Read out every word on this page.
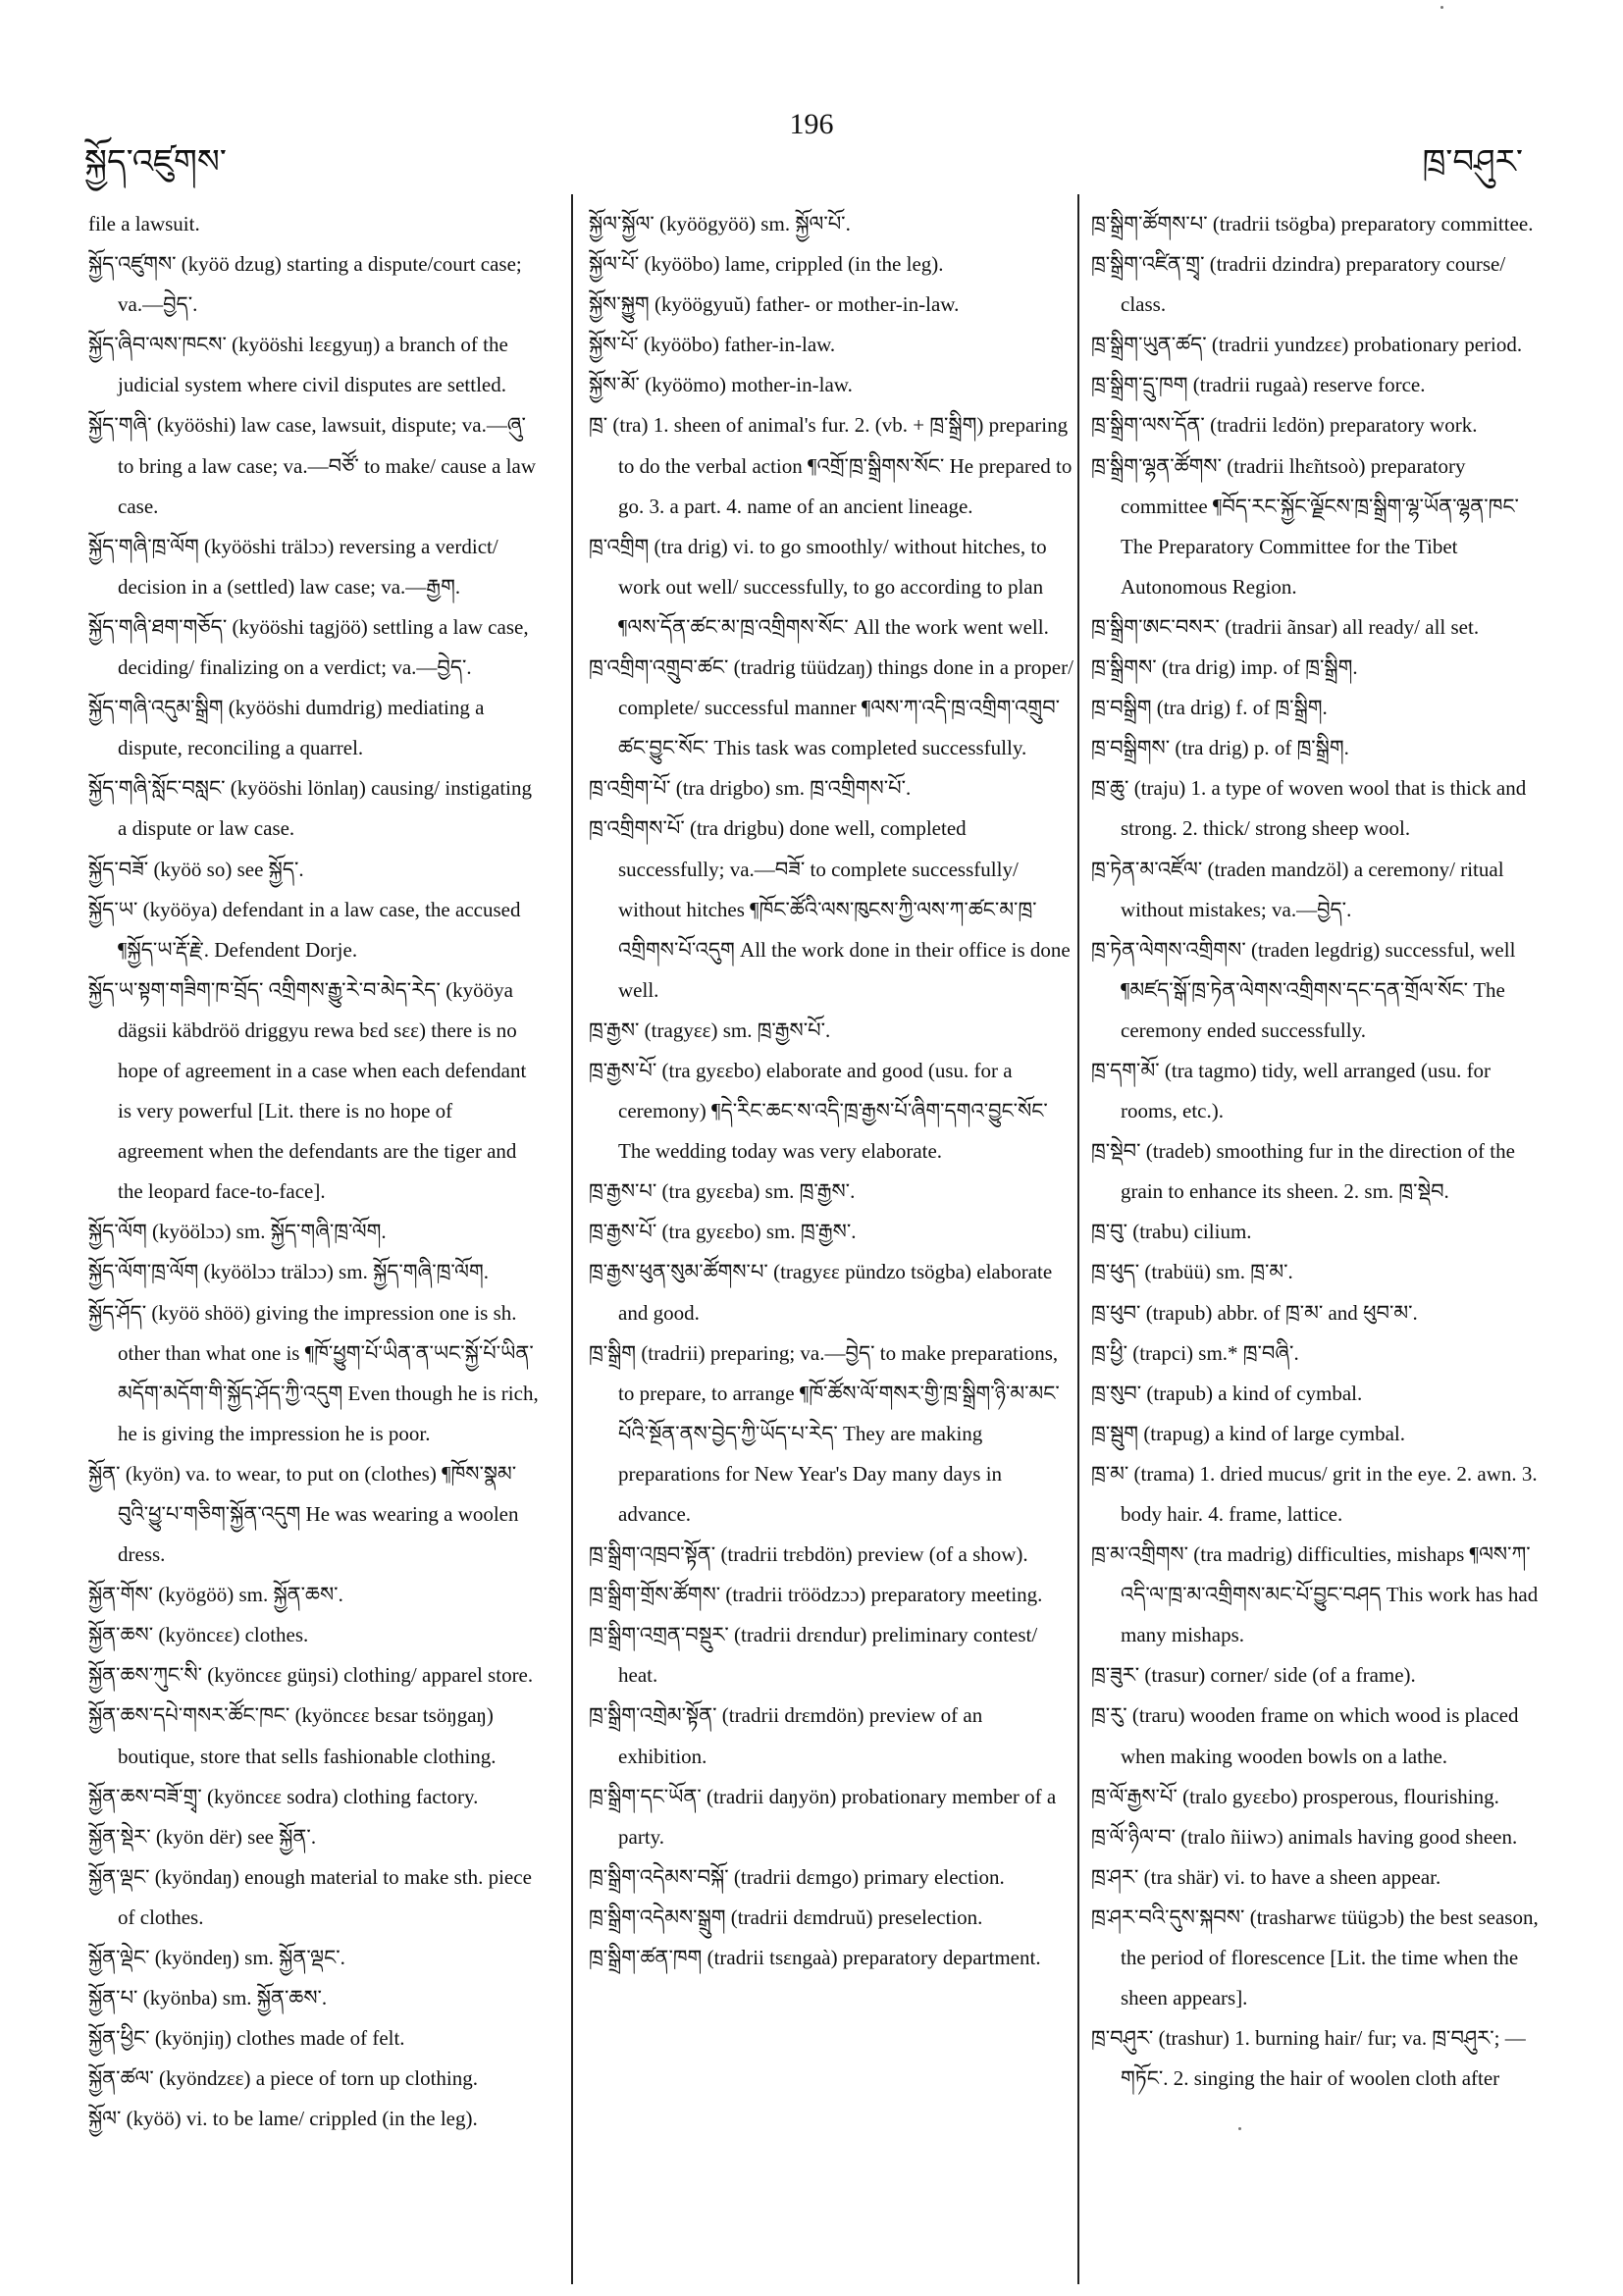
སྐྱོད་འཛུགས་
196
ཁྲ་བཤུར་

file a lawsuit.

སྐྱོད་འཛུགས་ (kyöö dzug) starting a dispute/court case; va.—བྱེད་.

སྐྱོད་ཞིབ་ལས་ཁངས་ (kyööshi lɛɛgyuŋ) a branch of the judicial system where civil disputes are settled.

སྐྱོད་གཞི་ (kyööshi) law case, lawsuit, dispute; va.—ཞུ་ to bring a law case; va.—བཙོ་ to make/ cause a law case.

སྐྱོད་གཞི་ཁྲ་ལོག (kyööshi trälɔɔ) reversing a verdict/ decision in a (settled) law case; va.—རྒྱག.

སྐྱོད་གཞི་ཐག་གཅོད་ (kyööshi tagjöö) settling a law case, deciding/ finalizing on a verdict; va.—བྱེད་.

སྐྱོད་གཞི་འདུམ་སྒྲིག (kyööshi dumdrig) mediating a dispute, reconciling a quarrel.

སྐྱོད་གཞི་སློང་བསླང་ (kyööshi lönlaŋ) causing/ instigating a dispute or law case.

སྐྱོད་བཟོ་ (kyöö so) see སྐྱོད་.

སྐྱོད་ཡ་ (kyööya) defendant in a law case, the accused ¶སྐྱོད་ཡ་རྡོ་རྗེ་. Defendent Dorje.

སྐྱོད་ཡ་སྟག་གཟིག་ཁ་བྲོད་ འགྲིགས་རྒྱུ་རེ་བ་མེད་རེད་ (kyööya dägsii käbdröö driggyu rewa bɛd sɛɛ) there is no hope of agreement in a case when each defendant is very powerful [Lit. there is no hope of agreement when the defendants are the tiger and the leopard face-to-face].

སྐྱོད་ལོག (kyöölɔɔ) sm. སྐྱོད་གཞི་ཁྲ་ལོག.

སྐྱོད་ལོག་ཁྲ་ལོག (kyöölɔɔ trälɔɔ) sm. སྐྱོད་གཞི་ཁྲ་ལོག.

སྐྱོད་ཤོད་ (kyöö shöö) giving the impression one is sh. other than what one is ¶ཁོ་ཕྱུག་པོ་ཡིན་ན་ཡང་སྐྱོ་པོ་ཡིན་མདོག་མདོག་གི་སྐྱོད་ཤོད་ཀྱི་འདུག Even though he is rich, he is giving the impression he is poor.

སྐྱོན་ (kyön) va. to wear, to put on (clothes) ¶ཁོས་སྣམ་བུའི་ཕྱུ་པ་གཅིག་སྐྱོན་འདུག He was wearing a woolen dress.

སྐྱོན་གོས་ (kyögöö) sm. སྐྱོན་ཆས་.

སྐྱོན་ཆས་ (kyöncɛɛ) clothes.

སྐྱོན་ཆས་ཀུང་སི་ (kyöncɛɛ güŋsi) clothing/ apparel store.

སྐྱོན་ཆས་དཔེ་གསར་ཚོང་ཁང་ (kyöncɛɛ bɛsar tsöŋgaŋ) boutique, store that sells fashionable clothing.

སྐྱོན་ཆས་བཟོ་གྲྭ་ (kyöncɛɛ sodra) clothing factory.

སྐྱོན་སྡེར་ (kyön dër) see སྐྱོན་.

སྐྱོན་ལྡང་ (kyöndaŋ) enough material to make sth. piece of clothes.

སྐྱོན་ལྡེང་ (kyöndeŋ) sm. སྐྱོན་ལྡང་.

སྐྱོན་པ་ (kyönba) sm. སྐྱོན་ཆས་.

སྐྱོན་ཕྱིང་ (kyönjiŋ) clothes made of felt.

སྐྱོན་ཚལ་ (kyöndzɛɛ) a piece of torn up clothing.

སྐྱོལ་ (kyöö) vi. to be lame/ crippled (in the leg).

སྐྱོལ་སྐྱོལ་ (kyöögyöö) sm. སྐྱོལ་པོ་.

སྐྱོལ་པོ་ (kyööbo) lame, crippled (in the leg).

སྐྱོས་སྐྱུག (kyöögyuŭ) father- or mother-in-law.

སྐྱོས་པོ་ (kyööbo) father-in-law.

སྐྱོས་མོ་ (kyöömo) mother-in-law.

ཁྲ་ (tra) 1. sheen of animal's fur. 2. (vb. + ཁྲ་སྒྲིག) preparing to do the verbal action ¶འགྲོ་ཁྲ་སྒྲིགས་སོང་ He prepared to go. 3. a part. 4. name of an ancient lineage.

ཁྲ་འགྲིག (tra drig) vi. to go smoothly/ without hitches, to work out well/ successfully, to go according to plan ¶ལས་དོན་ཚང་མ་ཁྲ་འགྲིགས་སོང་ All the work went well.

ཁྲ་འགྲིག་འགྲུབ་ཚང་ (tradrig tüüdzaŋ) things done in a proper/ complete/ successful manner ¶ལས་ཀ་འདི་ཁྲ་འགྲིག་འགྲུབ་ཚང་བྱུང་སོང་ This task was completed successfully.

ཁྲ་འགྲིག་པོ་ (tra drigbo) sm. ཁྲ་འགྲིགས་པོ་.

ཁྲ་འགྲིགས་པོ་ (tra drigbu) done well, completed successfully; va.—བཟོ་ to complete successfully/ without hitches ¶ཁོང་ཚོའི་ལས་ཁུངས་ཀྱི་ལས་ཀ་ཚང་མ་ཁྲ་འགྲིགས་པོ་འདུག All the work done in their office is done well.

ཁྲ་རྒྱས་ (tragyɛɛ) sm. ཁྲ་རྒྱས་པོ་.

ཁྲ་རྒྱས་པོ་ (tra gyɛɛbo) elaborate and good (usu. for a ceremony) ¶དེ་རིང་ཆང་ས་འདི་ཁྲ་རྒྱས་པོ་ཞིག་དགའ་བྱུང་སོང་ The wedding today was very elaborate.

ཁྲ་རྒྱས་པ་ (tra gyɛɛba) sm. ཁྲ་རྒྱས་.

ཁྲ་རྒྱས་པོ་ (tra gyɛɛbo) sm. ཁྲ་རྒྱས་.

ཁྲ་རྒྱས་ཕུན་སུམ་ཚོགས་པ་ (tragyɛɛ pündzo tsögba) elaborate and good.

ཁྲ་སྒྲིག (tradrii) preparing; va.—བྱེད་ to make preparations, to prepare, to arrange ¶ཁོ་ཚོས་ལོ་གསར་གྱི་ཁྲ་སྒྲིག་ཉི་མ་མང་པོའི་སྔོན་ནས་བྱེད་ཀྱི་ཡོད་པ་རེད་ They are making preparations for New Year's Day many days in advance.

ཁྲ་སྒྲིག་འཁྲབ་སྟོན་ (tradrii trɛbdön) preview (of a show).

ཁྲ་སྒྲིག་གྲོས་ཚོགས་ (tradrii tröödzɔɔ) preparatory meeting.

ཁྲ་སྒྲིག་འགྲན་བསྡུར་ (tradrii drɛndur) preliminary contest/ heat.

ཁྲ་སྒྲིག་འགྲེམ་སྟོན་ (tradrii drɛmdön) preview of an exhibition.

ཁྲ་སྒྲིག་དང་ཡོན་ (tradrii daŋyön) probationary member of a party.

ཁྲ་སྒྲིག་འདེམས་བསྐོ་ (tradrii dɛmgo) primary election.

ཁྲ་སྒྲིག་འདེམས་སྒྲུག (tradrii dɛmdruŭ) preselection.

ཁྲ་སྒྲིག་ཚན་ཁག (tradrii tsɛngaà) preparatory department.

ཁྲ་སྒྲིག་ཚོགས་པ་ (tradrii tsögba) preparatory committee.

ཁྲ་སྒྲིག་འཛིན་གྲྭ་ (tradrii dzindra) preparatory course/ class.

ཁྲ་སྒྲིག་ཡུན་ཚད་ (tradrii yundzɛɛ) probationary period.

ཁྲ་སྒྲིག་དྲུ་ཁག (tradrii rugaà) reserve force.

ཁྲ་སྒྲིག་ལས་དོན་ (tradrii lɛdön) preparatory work.

ཁྲ་སྒྲིག་ལྷན་ཚོགས་ (tradrii lhɛ̃ntsoò) preparatory committee ¶བོད་རང་སྐྱོང་ལྗོངས་ཁྲ་སྒྲིག་ལྷ་ཡོན་ལྷན་ཁང་ The Preparatory Committee for the Tibet Autonomous Region.

ཁྲ་སྒྲིག་ཨང་བསར་ (tradrii ãnsar) all ready/ all set.

ཁྲ་སྒྲིགས་ (tra drig) imp. of ཁྲ་སྒྲིག.

ཁྲ་བསྒྲིག (tra drig) f. of ཁྲ་སྒྲིག.

ཁྲ་བསྒྲིགས་ (tra drig) p. of ཁྲ་སྒྲིག.

ཁྲ་ཆུ་ (traju) 1. a type of woven wool that is thick and strong. 2. thick/ strong sheep wool.

ཁྲ་ཏེན་མ་འཛོལ་ (traden mandzöl) a ceremony/ ritual without mistakes; va.—བྱེད་.

ཁྲ་ཏེན་ལེགས་འགྲིགས་ (traden legdrig) successful, well ¶མཛད་སྒོ་ཁྲ་ཏེན་ལེགས་འགྲིགས་དང་དན་གྲོལ་སོང་ The ceremony ended successfully.

ཁྲ་དག་མོ་ (tra tagmo) tidy, well arranged (usu. for rooms, etc.).

ཁྲ་སྡེབ་ (tradeb) smoothing fur in the direction of the grain to enhance its sheen. 2. sm. ཁྲ་སྡེབ.

ཁྲ་བུ་ (trabu) cilium.

ཁྲ་ཕུད་ (trabüü) sm. ཁྲ་མ་.

ཁྲ་ཕུབ་ (trapub) abbr. of ཁྲ་མ་ and ཕུབ་མ་.

ཁྲ་ཕྱི་ (trapci) sm.* ཁྲ་བཞི་.

ཁྲ་སུབ་ (trapub) a kind of cymbal.

ཁྲ་སྦུག (trapug) a kind of large cymbal.

ཁྲ་མ་ (trama) 1. dried mucus/ grit in the eye. 2. awn. 3. body hair. 4. frame, lattice.

ཁྲ་མ་འགྲིགས་ (tra madrig) difficulties, mishaps ¶ལས་ཀ་འདི་ལ་ཁྲ་མ་འགྲིགས་མང་པོ་བྱུང་བཤད This work has had many mishaps.

ཁྲ་ཟུར་ (trasur) corner/ side (of a frame).

ཁྲ་རུ་ (traru) wooden frame on which wood is placed when making wooden bowls on a lathe.

ཁྲ་ལོ་རྒྱས་པོ་ (tralo gyɛɛbo) prosperous, flourishing.

ཁྲ་ལོ་ཉིལ་བ་ (tralo ñiiwɔ) animals having good sheen.

ཁྲ་ཤར་ (tra shär) vi. to have a sheen appear.

ཁྲ་ཤར་བའི་དུས་སྐབས་ (trasharwɛ tüügɔb) the best season, the period of florescence [Lit. the time when the sheen appears].

ཁྲ་བཤུར་ (trashur) 1. burning hair/ fur; va. ཁྲ་བཤུར་; —གཏོང་. 2. singing the hair of woolen cloth after
